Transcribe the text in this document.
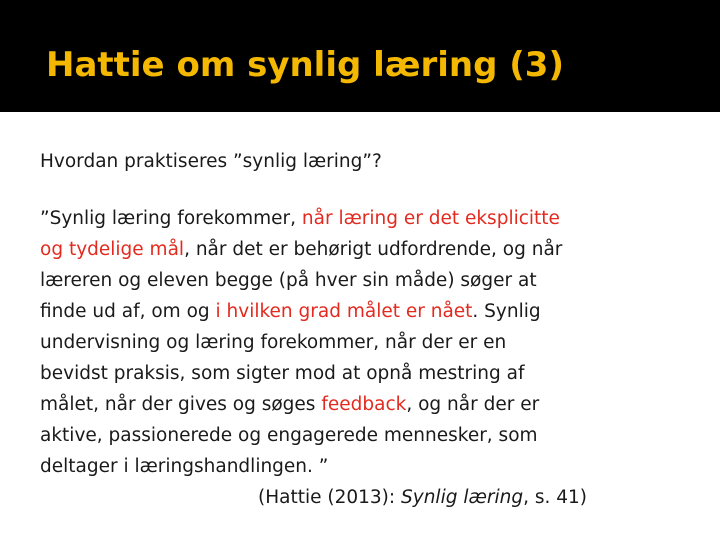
Hattie om synlig læring (3)

Hvordan praktiseres ”synlig læring”?

”Synlig læring forekommer, når læring er det eksplicitte
og tydelige mål, når det er behørigt udfordrende, og når
læreren og eleven begge (på hver sin måde) søger at
finde ud af, om og i hvilken grad målet er nået. Synlig
undervisning og læring forekommer, når der er en
bevidst praksis, som sigter mod at opnå mestring af
målet, når der gives og søges feedback, og når der er
aktive, passionerede og engagerede mennesker, som
deltager i læringshandlingen. ”
(Hattie (2013): Synlig læring, s. 41)
